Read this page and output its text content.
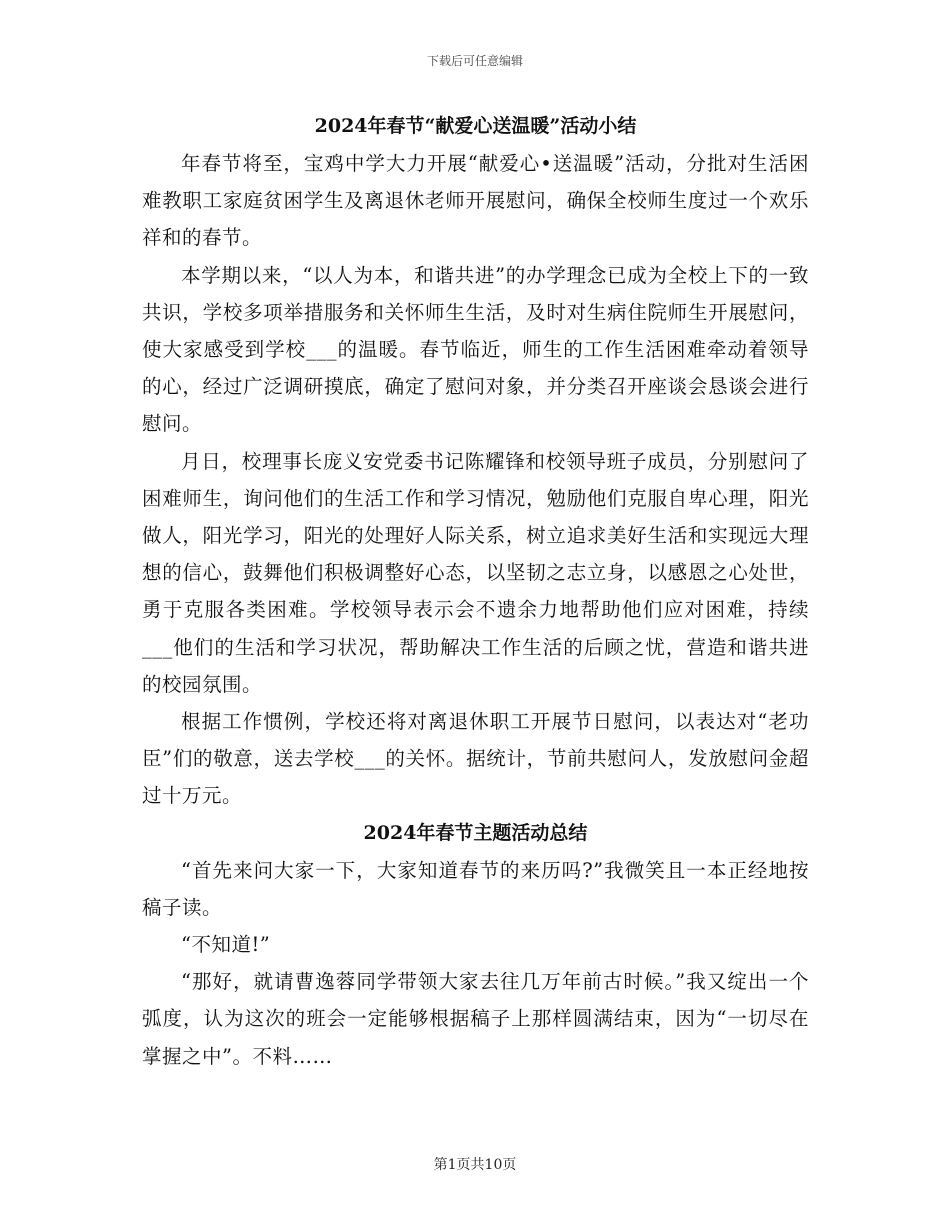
下载后可任意编辑
2024年春节“献爱心送温暖”活动小结

年春节将至，宝鸡中学大力开展“献爱心•送温暖”活动，分批对生活困难教职工家庭贫困学生及离退休老师开展慰问，确保全校师生度过一个欢乐祥和的春节。

本学期以来，“以人为本，和谐共进”的办学理念已成为全校上下的一致共识，学校多项举措服务和关怀师生生活，及时对生病住院师生开展慰问，使大家感受到学校___的温暖。春节临近，师生的工作生活困难牵动着领导的心，经过广泛调研摸底，确定了慰问对象，并分类召开座谈会恳谈会进行慰问。

月日，校理事长庞义安党委书记陈耀锋和校领导班子成员，分别慰问了困难师生，询问他们的生活工作和学习情况，勉励他们克服自卑心理，阳光做人，阳光学习，阳光的处理好人际关系，树立追求美好生活和实现远大理想的信心，鼓舞他们积极调整好心态，以坚韧之志立身，以感恩之心处世，勇于克服各类困难。学校领导表示会不遗余力地帮助他们应对困难，持续___他们的生活和学习状况，帮助解决工作生活的后顾之忧，营造和谐共进的校园氛围。

根据工作惯例，学校还将对离退休职工开展节日慰问，以表达对“老功臣”们的敬意，送去学校___的关怀。据统计，节前共慰问人，发放慰问金超过十万元。

2024年春节主题活动总结

“首先来问大家一下，大家知道春节的来历吗?”我微笑且一本正经地按稿子读。

“不知道!”

“那好，就请曹逸蓉同学带领大家去往几万年前古时候。”我又绽出一个弧度，认为这次的班会一定能够根据稿子上那样圆满结束，因为“一切尽在掌握之中”。不料……

第1页共10页
